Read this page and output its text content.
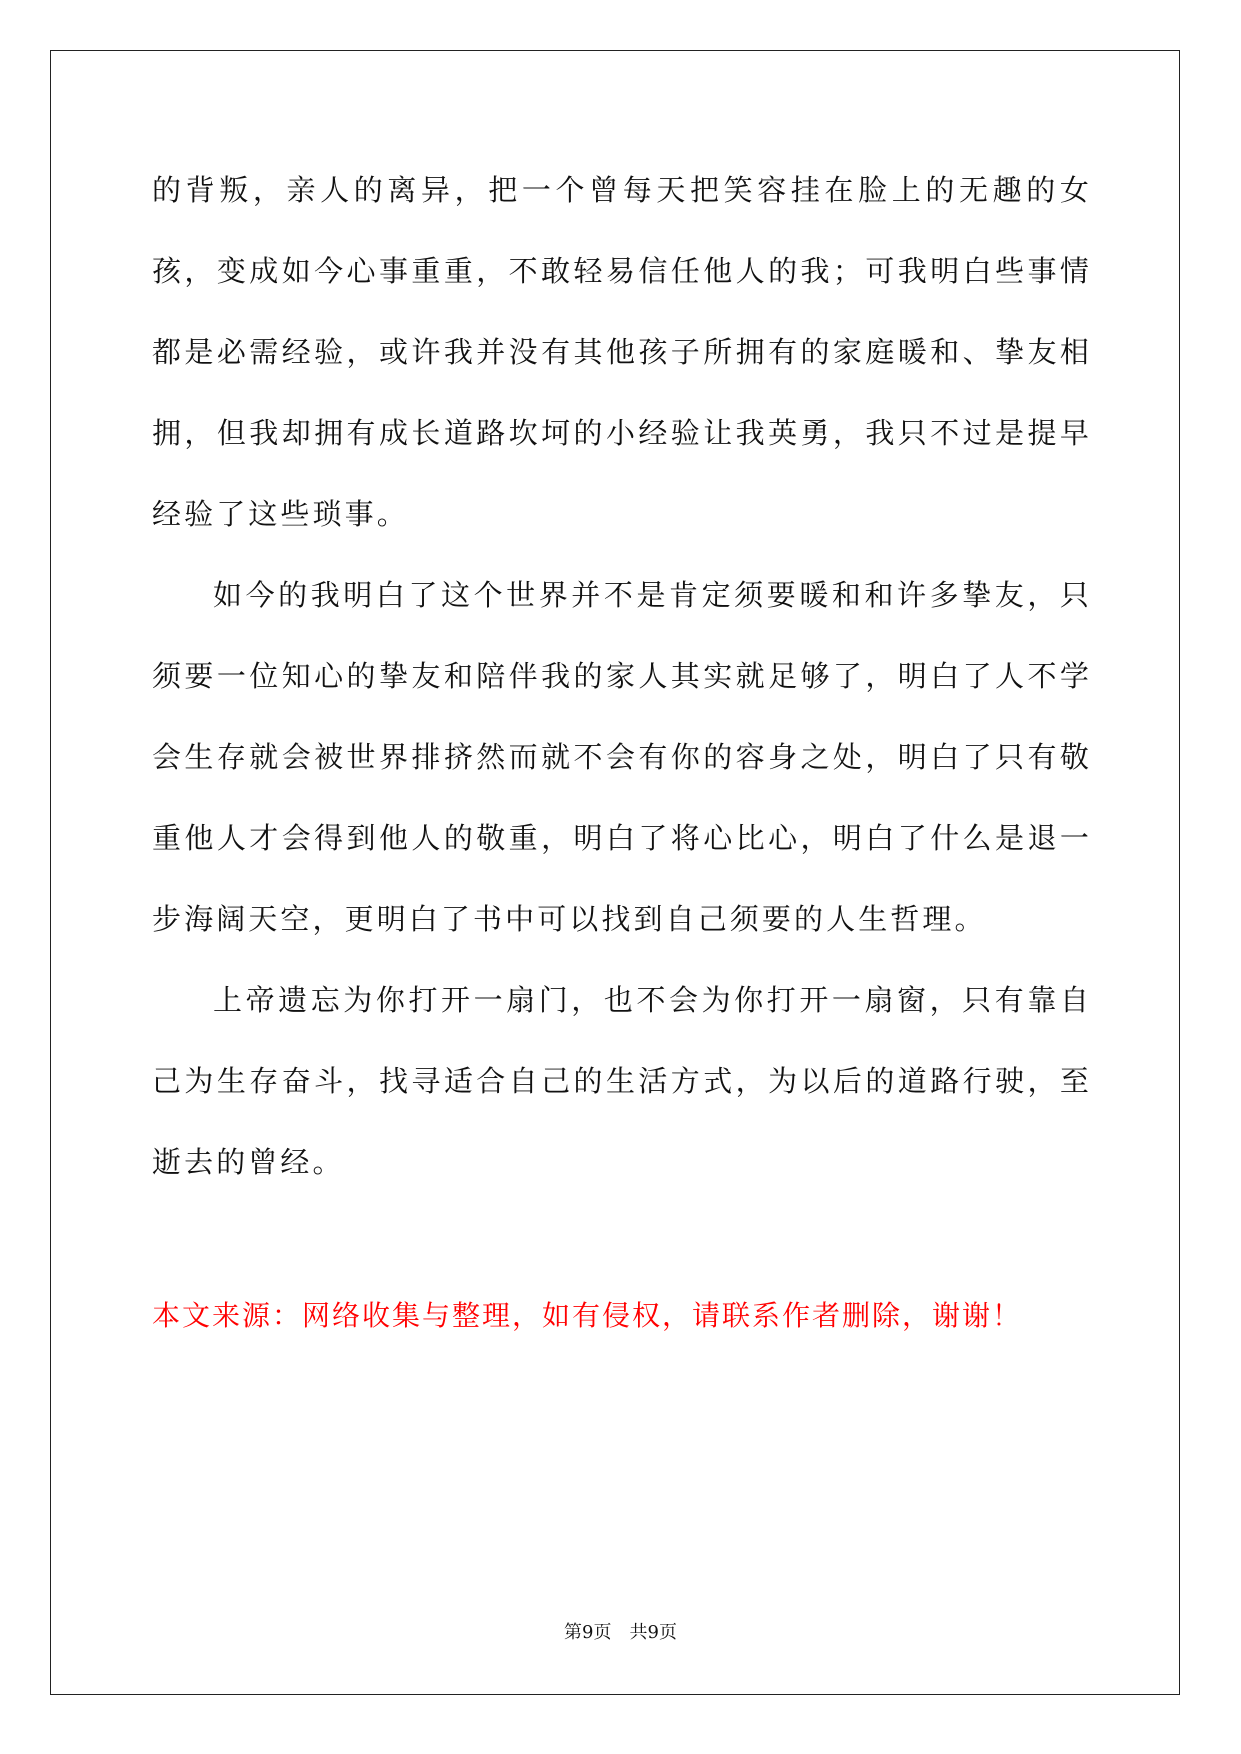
的背叛，亲人的离异，把一个曾每天把笑容挂在脸上的无趣的女孩，变成如今心事重重，不敢轻易信任他人的我；可我明白些事情都是必需经验，或许我并没有其他孩子所拥有的家庭暖和、挚友相拥，但我却拥有成长道路坎坷的小经验让我英勇，我只不过是提早经验了这些琐事。

如今的我明白了这个世界并不是肯定须要暖和和许多挚友，只须要一位知心的挚友和陪伴我的家人其实就足够了，明白了人不学会生存就会被世界排挤然而就不会有你的容身之处，明白了只有敬重他人才会得到他人的敬重，明白了将心比心，明白了什么是退一步海阔天空，更明白了书中可以找到自己须要的人生哲理。

上帝遗忘为你打开一扇门，也不会为你打开一扇窗，只有靠自己为生存奋斗，找寻适合自己的生活方式，为以后的道路行驶，至逝去的曾经。

本文来源：网络收集与整理，如有侵权，请联系作者删除，谢谢！

第9页 共9页
